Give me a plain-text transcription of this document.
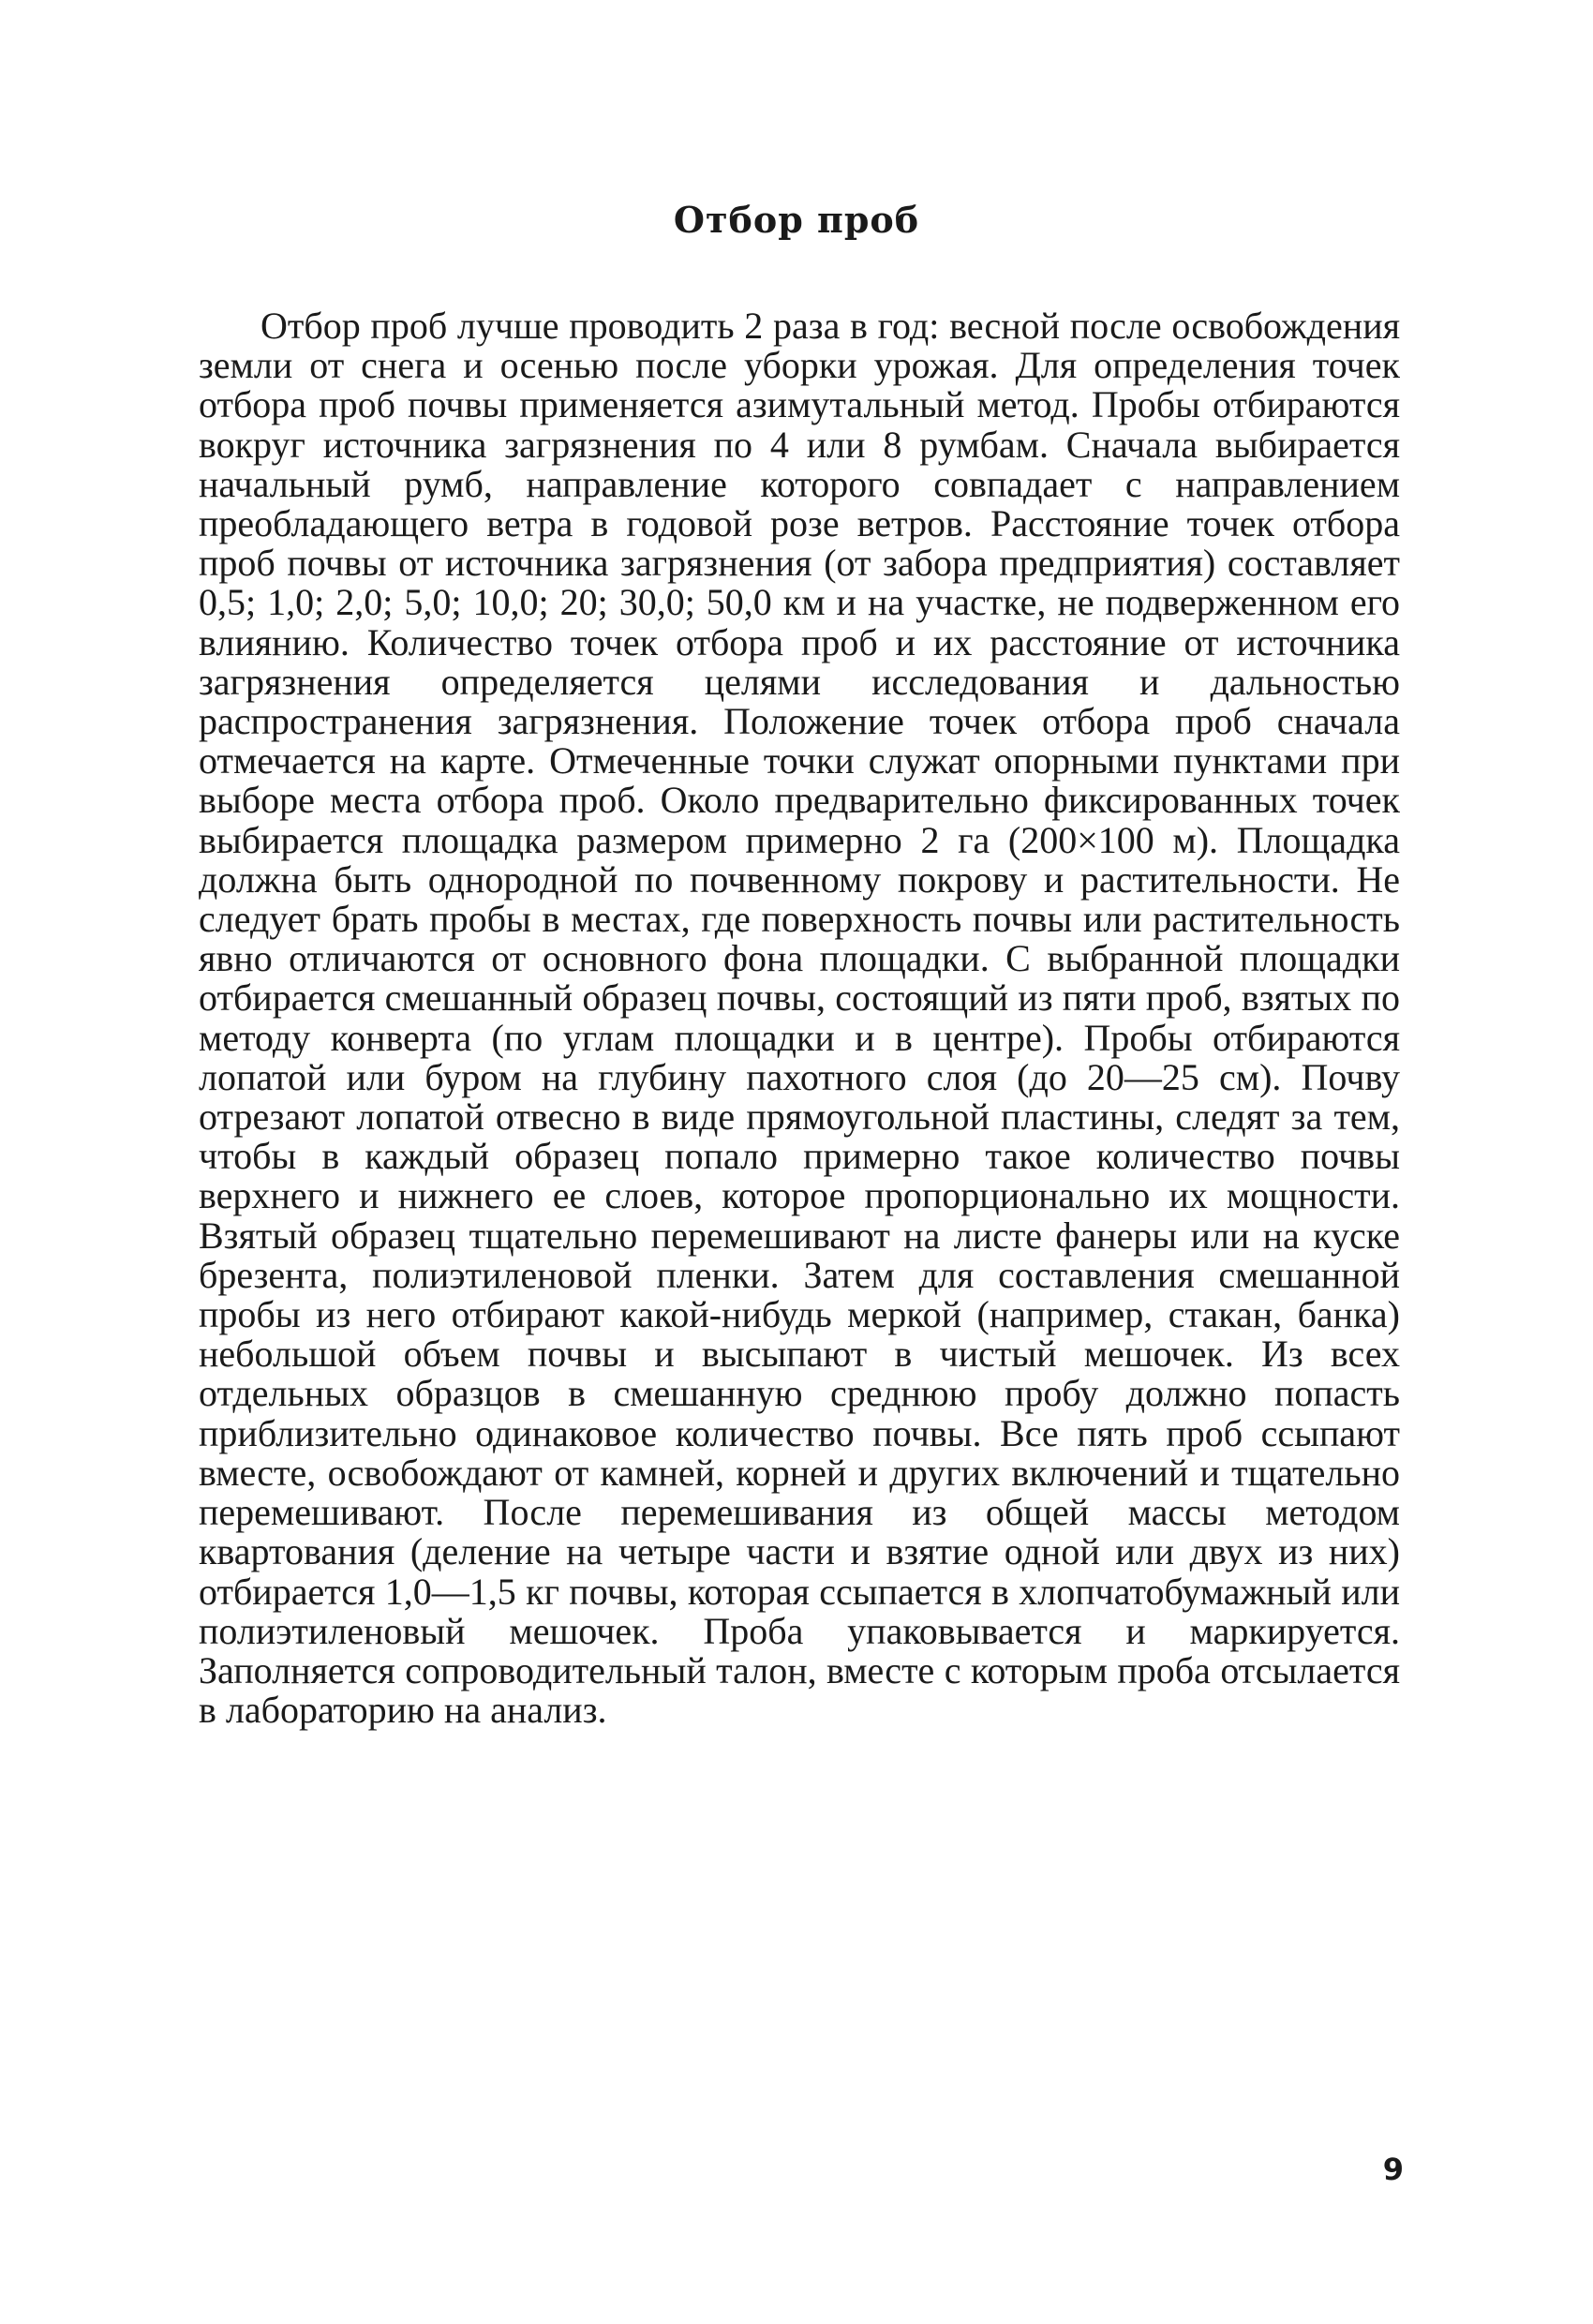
Отбор проб

Отбор проб лучше проводить 2 раза в год: весной после освобождения земли от снега и осенью после уборки урожая. Для определения точек отбора проб почвы применяется азимутальный метод. Пробы отбираются вокруг источника загрязнения по 4 или 8 румбам. Сначала выбирается начальный румб, направление которого совпадает с направлением преобладающего ветра в годовой розе ветров. Расстояние точек отбора проб почвы от источника загрязнения (от забора предприятия) составляет 0,5; 1,0; 2,0; 5,0; 10,0; 20; 30,0; 50,0 км и на участке, не подверженном его влиянию. Количество точек отбора проб и их расстояние от источника загрязнения определяется целями исследования и дальностью распространения загрязнения. Положение точек отбора проб сначала отмечается на карте. Отмеченные точки служат опорными пунктами при выборе места отбора проб. Около предварительно фиксированных точек выбирается площадка размером примерно 2 га (200×100 м). Площадка должна быть однородной по почвенному покрову и растительности. Не следует брать пробы в местах, где поверхность почвы или растительность явно отличаются от основного фона площадки. С выбранной площадки отбирается смешанный образец почвы, состоящий из пяти проб, взятых по методу конверта (по углам площадки и в центре). Пробы отбираются лопатой или буром на глубину пахотного слоя (до 20—25 см). Почву отрезают лопатой отвесно в виде прямоугольной пластины, следят за тем, чтобы в каждый образец попало примерно такое количество почвы верхнего и нижнего ее слоев, которое пропорционально их мощности. Взятый образец тщательно перемешивают на листе фанеры или на куске брезента, полиэтиленовой пленки. Затем для составления смешанной пробы из него отбирают какой-нибудь меркой (например, стакан, банка) небольшой объем почвы и высыпают в чистый мешочек. Из всех отдельных образцов в смешанную среднюю пробу должно попасть приблизительно одинаковое количество почвы. Все пять проб ссыпают вместе, освобождают от камней, корней и других включений и тщательно перемешивают. После перемешивания из общей массы методом квартования (деление на четыре части и взятие одной или двух из них) отбирается 1,0—1,5 кг почвы, которая ссыпается в хлопчатобумажный или полиэтиленовый мешочек. Проба упаковывается и маркируется. Заполняется сопроводительный талон, вместе с которым проба отсылается в лабораторию на анализ.

9
